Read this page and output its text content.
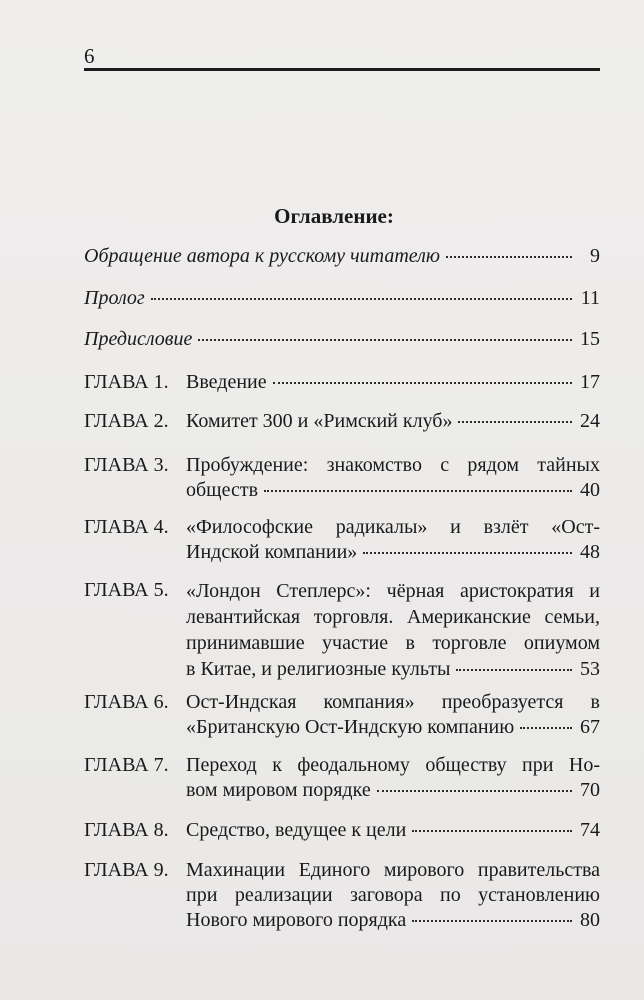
6
Оглавление:
Обращение автора к русскому читателю	9
Пролог	11
Предисловие	15
ГЛАВА 1. Введение	17
ГЛАВА 2. Комитет 300 и «Римский клуб»	24
ГЛАВА 3. Пробуждение: знакомство с рядом тайных
обществ	40
ГЛАВА 4. «Философские радикалы» и взлёт «Ост-
Индской компании»	48
ГЛАВА 5. «Лондон Степлерс»: чёрная аристократия и
левантийская торговля. Американские семьи,
принимавшие участие в торговле опиумом
в Китае, и религиозные культы	53
ГЛАВА 6. Ост-Индская компания» преобразуется в
«Британскую Ост-Индскую компанию	67
ГЛАВА 7. Переход к феодальному обществу при Но-
вом мировом порядке	70
ГЛАВА 8. Средство, ведущее к цели	74
ГЛАВА 9. Махинации Единого мирового правительства
при реализации заговора по установлению
Нового мирового порядка	80
